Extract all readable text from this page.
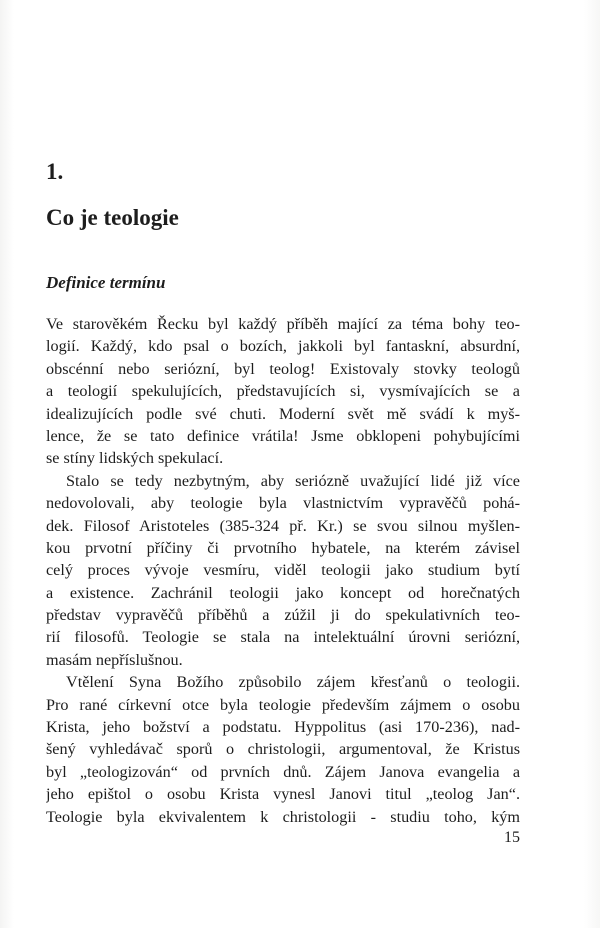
1.
Co je teologie
Definice termínu
Ve starověkém Řecku byl každý příběh mající za téma bohy teo-
logií. Každý, kdo psal o bozích, jakkoli byl fantaskní, absurdní,
obscénní nebo seriózní, byl teolog! Existovaly stovky teologů
a teologií spekulujících, představujících si, vysmívajících se a
idealizujících podle své chuti. Moderní svět mě svádí k myš-
lence, že se tato definice vrátila! Jsme obklopeni pohybujícími
se stíny lidských spekulací.
Stalo se tedy nezbytným, aby seriózně uvažující lidé již více
nedovolovali, aby teologie byla vlastnictvím vypravěčů pohá-
dek. Filosof Aristoteles (385-324 př. Kr.) se svou silnou myšlen-
kou prvotní příčiny či prvotního hybatele, na kterém závisel
celý proces vývoje vesmíru, viděl teologii jako studium bytí
a existence. Zachránil teologii jako koncept od horečnatých
představ vypravěčů příběhů a zúžil ji do spekulativních teo-
rií filosofů. Teologie se stala na intelektuální úrovni seriózní,
masám nepříslušnou.
Vtělení Syna Božího způsobilo zájem křesťanů o teologii.
Pro rané církevní otce byla teologie především zájmem o osobu
Krista, jeho božství a podstatu. Hyppolitus (asi 170-236), nad-
šený vyhledávač sporů o christologii, argumentoval, že Kristus
byl „teologizován“ od prvních dnů. Zájem Janova evangelia a
jeho epištol o osobu Krista vynesl Janovi titul „teolog Jan“.
Teologie byla ekvivalentem k christologii - studiu toho, kým
15
